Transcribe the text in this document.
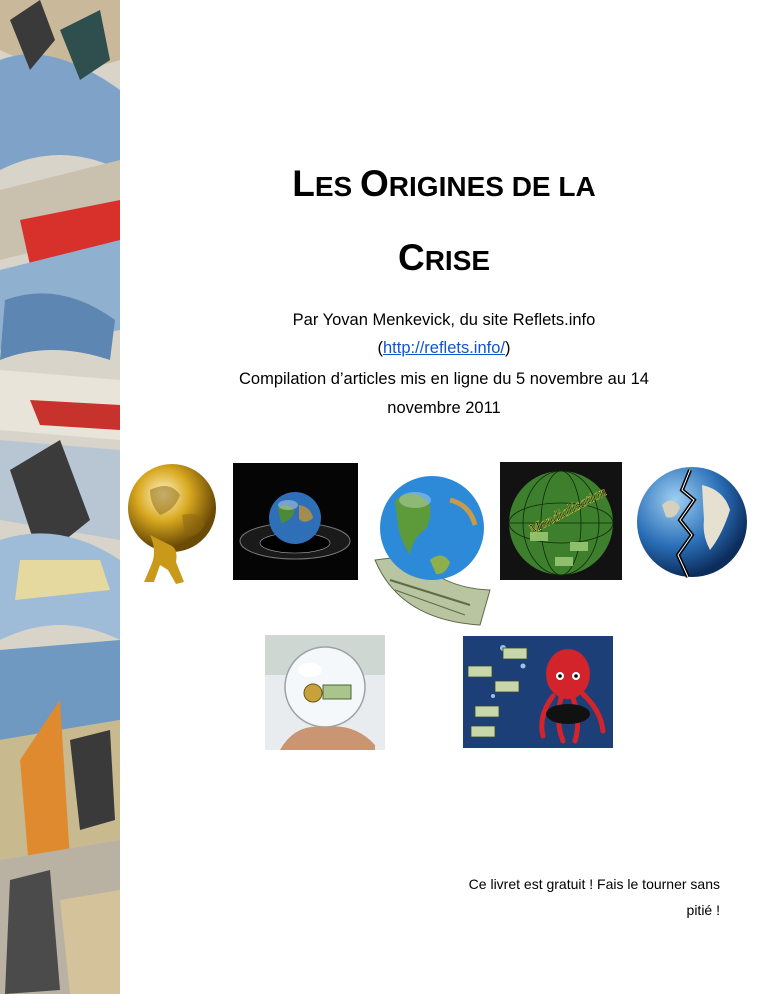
LES ORIGINES DE LA
CRISE
Par Yovan Menkevick, du site Reflets.info
(http://reflets.info/)
Compilation d’articles mis en ligne du 5 novembre au 14
novembre 2011
Mondialisation
Ce livret est gratuit ! Fais le tourner sans
pitié !
